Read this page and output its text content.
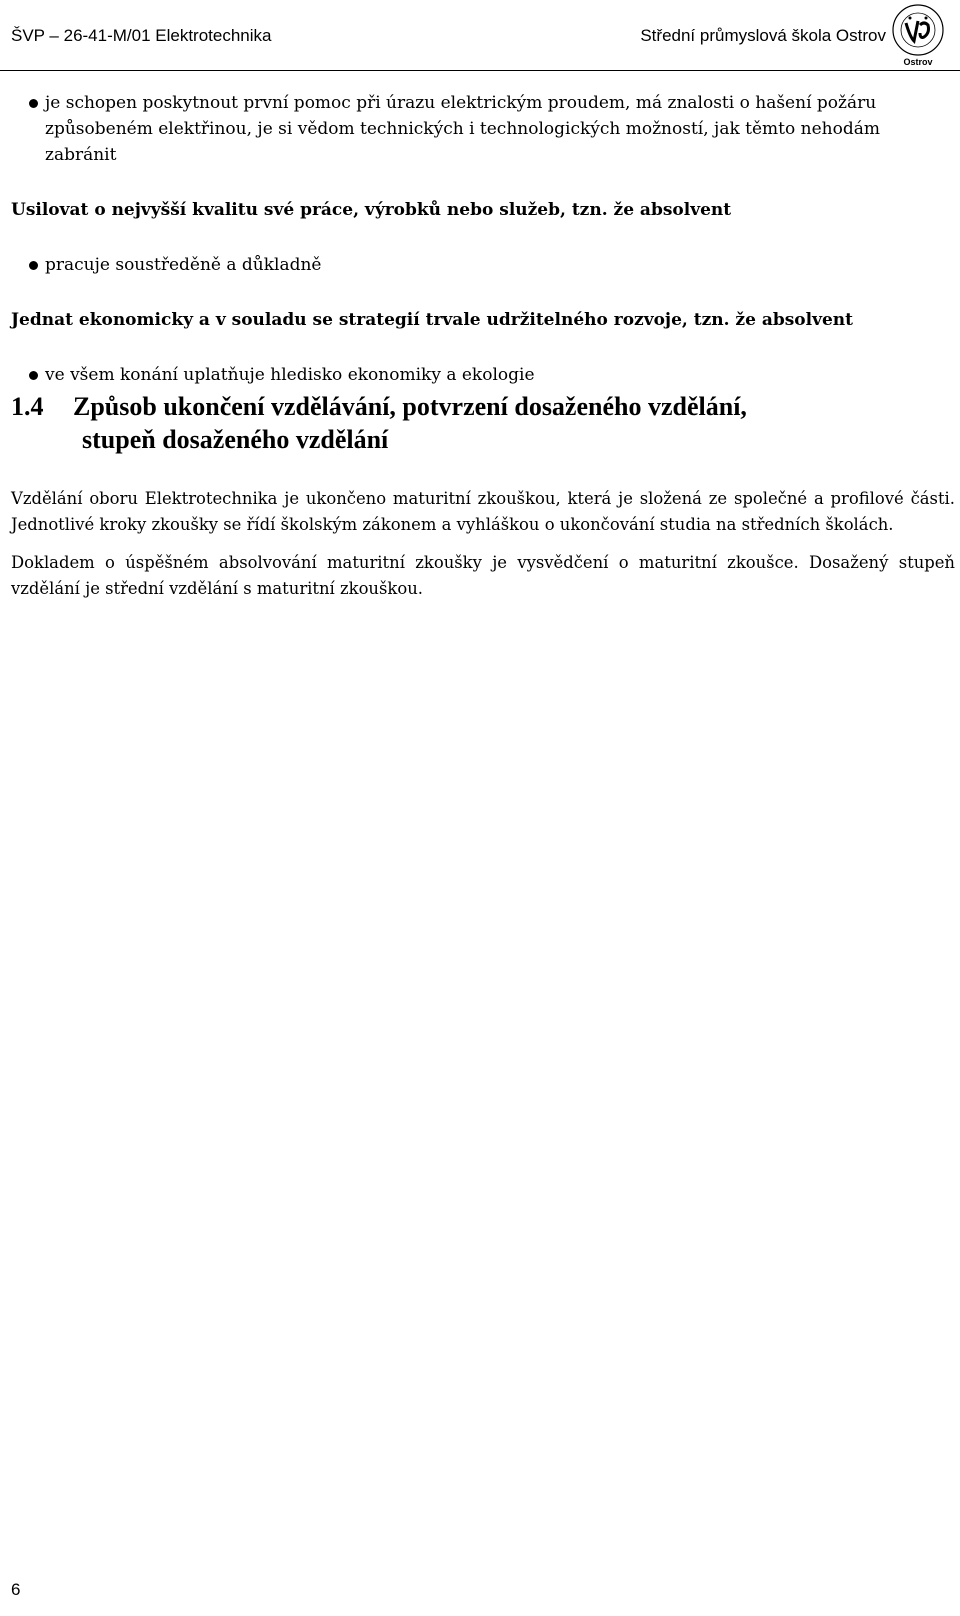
ŠVP – 26-41-M/01 Elektrotechnika	Střední průmyslová škola Ostrov
Ostrov
je schopen poskytnout první pomoc při úrazu elektrickým proudem, má znalosti o hašení požáru způsobeném elektřinou, je si vědom technických i technologických možností, jak těmto nehodám zabránit
Usilovat o nejvyšší kvalitu své práce, výrobků nebo služeb, tzn. že absolvent
pracuje soustředěně a důkladně
Jednat ekonomicky a v souladu se strategií trvale udržitelného rozvoje, tzn. že absolvent
ve všem konání uplatňuje hledisko ekonomiky a ekologie
1.4 Způsob ukončení vzdělávání, potvrzení dosaženého vzdělání,
stupeň dosaženého vzdělání
Vzdělání oboru Elektrotechnika je ukončeno maturitní zkouškou, která je složená ze společné a profilové části. Jednotlivé kroky zkoušky se řídí školským zákonem a vyhláškou o ukončování studia na středních školách.
Dokladem o úspěšném absolvování maturitní zkoušky je vysvědčení o maturitní zkoušce. Dosažený stupeň vzdělání je střední vzdělání s maturitní zkouškou.
6
